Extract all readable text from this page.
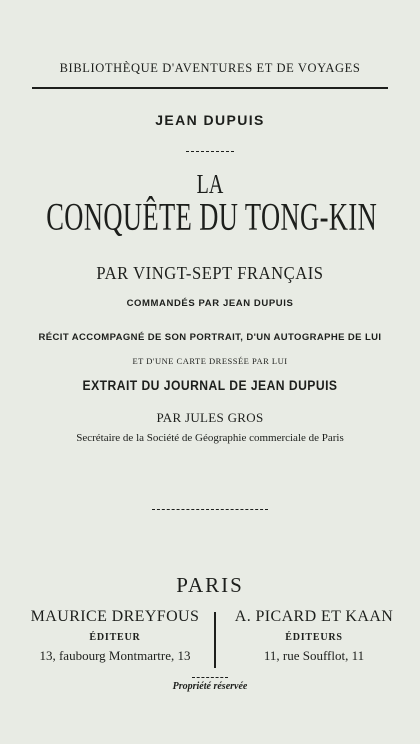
BIBLIOTHÈQUE D'AVENTURES ET DE VOYAGES
JEAN DUPUIS
LA
CONQUÊTE DU TONG-KIN
PAR VINGT-SEPT FRANÇAIS
COMMANDÉS PAR JEAN DUPUIS
RÉCIT ACCOMPAGNÉ DE SON PORTRAIT, D'UN AUTOGRAPHE DE LUI
ET D'UNE CARTE DRESSÉE PAR LUI
EXTRAIT DU JOURNAL DE JEAN DUPUIS
PAR JULES GROS
Secrétaire de la Société de Géographie commerciale de Paris
PARIS
MAURICE DREYFOUS
ÉDITEUR
13, faubourg Montmartre, 13
A. PICARD ET KAAN
ÉDITEURS
11, rue Soufflot, 11
Propriété réservée
